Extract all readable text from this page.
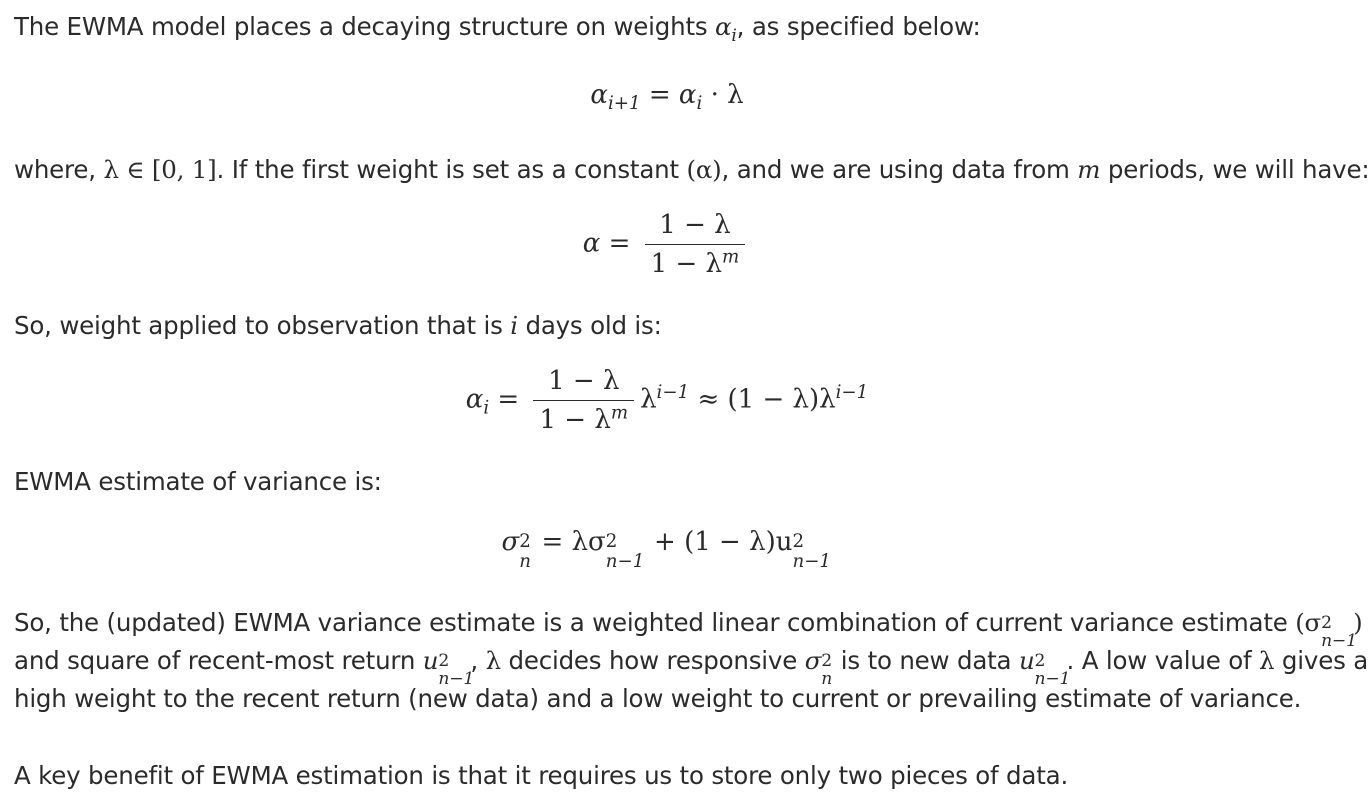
The EWMA model places a decaying structure on weights $\alpha_i$, as specified below:
$\alpha_{i+1} = \alpha_i \cdot \lambda$
where, λ ∈ [0, 1]. If the first weight is set as a constant (α), and we are using data from m periods, we will have:
$\alpha = \frac{1 - \lambda}{1 - \lambda^m}$
So, weight applied to observation that is i days old is:
$\alpha_i = \frac{1 - \lambda}{1 - \lambda^m} \lambda^{i-1} \approx (1 - \lambda)\lambda^{i-1}$
EWMA estimate of variance is:
σ 2
n
= λσ 2
n−1
+ (1 − λ)u 2
n−1
So, the (updated) EWMA variance estimate is a weighted linear combination of current variance estimate (σ 2
n−1
)
and square of recent-most return u 2
n−1
, λ decides how responsive σ 2
n
is to new data u 2
n−1
. A low value of λ gives a
high weight to the recent return (new data) and a low weight to current or prevailing estimate of variance.
A key benefit of EWMA estimation is that it requires us to store only two pieces of data.
